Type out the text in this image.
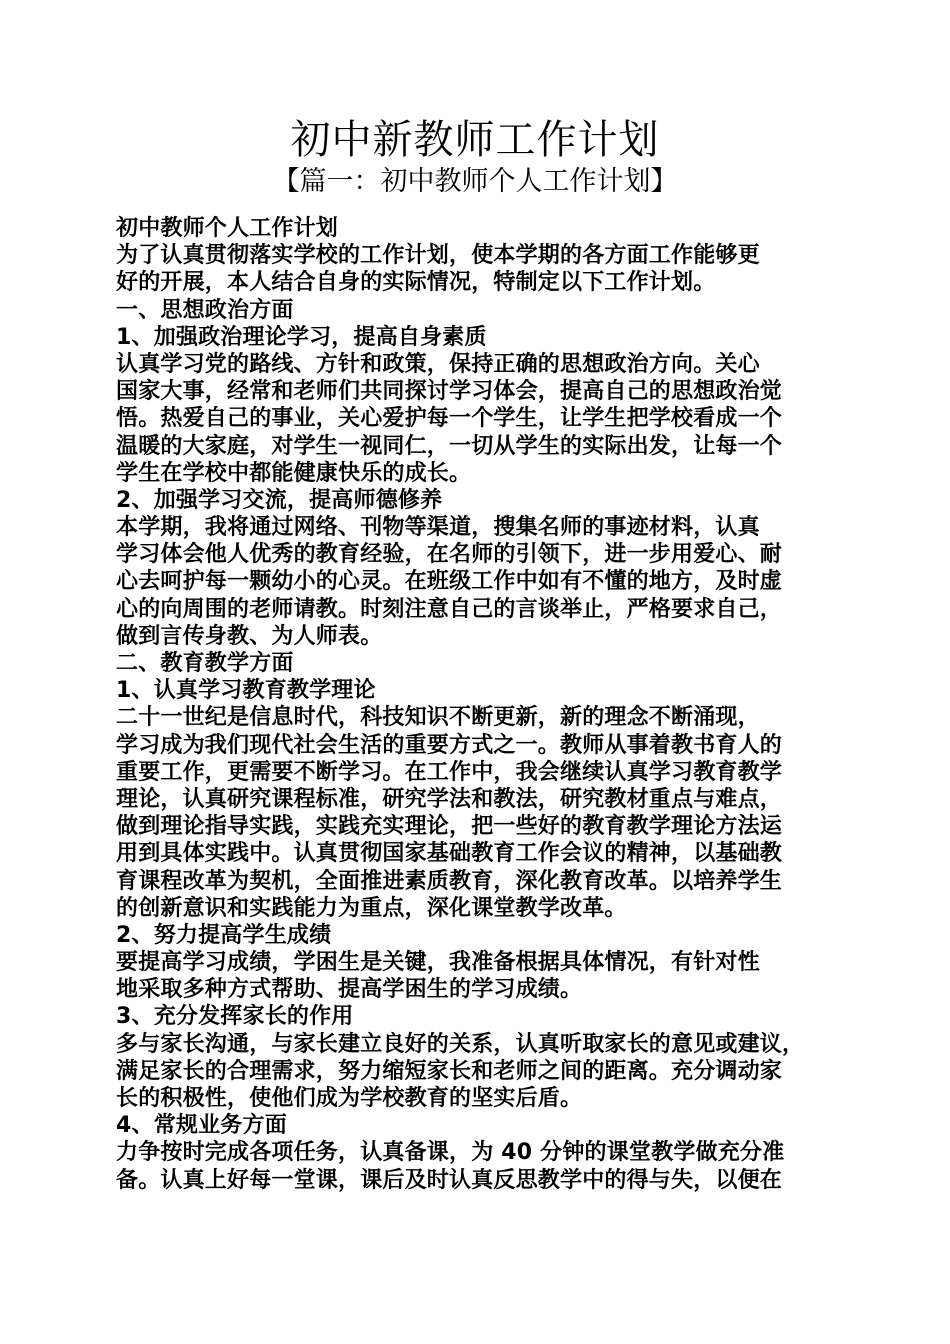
初中新教师工作计划
【篇一：初中教师个人工作计划】
初中教师个人工作计划
为了认真贯彻落实学校的工作计划，使本学期的各方面工作能够更
好的开展，本人结合自身的实际情况，特制定以下工作计划。
一、思想政治方面
1、加强政治理论学习，提高自身素质
认真学习党的路线、方针和政策，保持正确的思想政治方向。关心
国家大事，经常和老师们共同探讨学习体会，提高自己的思想政治觉
悟。热爱自己的事业，关心爱护每一个学生，让学生把学校看成一个
温暖的大家庭，对学生一视同仁，一切从学生的实际出发，让每一个
学生在学校中都能健康快乐的成长。
2、加强学习交流，提高师德修养
本学期，我将通过网络、刊物等渠道，搜集名师的事迹材料，认真
学习体会他人优秀的教育经验，在名师的引领下，进一步用爱心、耐
心去呵护每一颗幼小的心灵。在班级工作中如有不懂的地方，及时虚
心的向周围的老师请教。时刻注意自己的言谈举止，严格要求自己，
做到言传身教、为人师表。
二、教育教学方面
1、认真学习教育教学理论
二十一世纪是信息时代，科技知识不断更新，新的理念不断涌现，
学习成为我们现代社会生活的重要方式之一。教师从事着教书育人的
重要工作，更需要不断学习。在工作中，我会继续认真学习教育教学
理论，认真研究课程标准，研究学法和教法，研究教材重点与难点，
做到理论指导实践，实践充实理论，把一些好的教育教学理论方法运
用到具体实践中。认真贯彻国家基础教育工作会议的精神，以基础教
育课程改革为契机，全面推进素质教育，深化教育改革。以培养学生
的创新意识和实践能力为重点，深化课堂教学改革。
2、努力提高学生成绩
要提高学习成绩，学困生是关键，我准备根据具体情况，有针对性
地采取多种方式帮助、提高学困生的学习成绩。
3、充分发挥家长的作用
多与家长沟通，与家长建立良好的关系，认真听取家长的意见或建议，
满足家长的合理需求，努力缩短家长和老师之间的距离。充分调动家
长的积极性，使他们成为学校教育的坚实后盾。
4、常规业务方面
力争按时完成各项任务，认真备课，为 40 分钟的课堂教学做充分准
备。认真上好每一堂课，课后及时认真反思教学中的得与失，以便在
